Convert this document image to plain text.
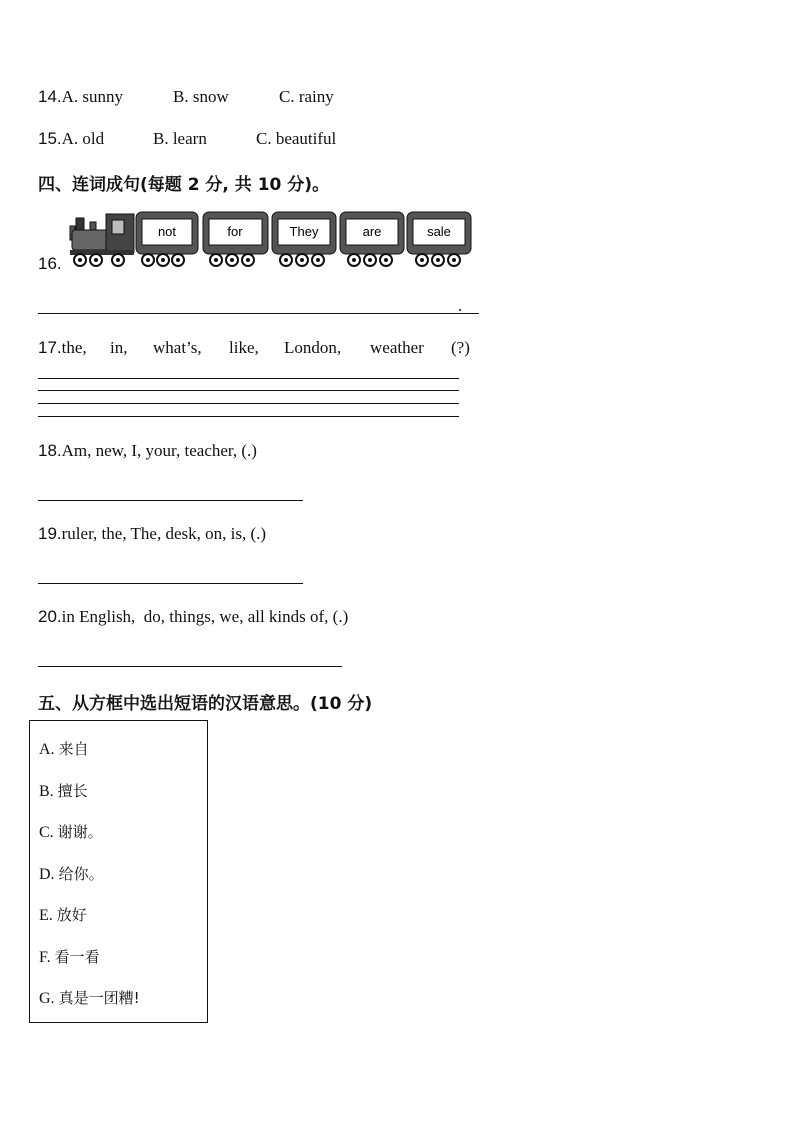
14.A. sunny	B. snow	C. rainy
15.A. old	B. learn	C. beautiful
四、连词成句(每题 2 分, 共 10 分)。
16.
not	for	They	are	sale
.
17.the, in, what’s, like, London, weather (?)
18.Am, new, I, your, teacher, (.)
19.ruler, the, The, desk, on, is, (.)
20.in English,  do, things, we, all kinds of, (.)
五、从方框中选出短语的汉语意思。(10 分)
A. 来自
B. 擅长
C. 谢谢。
D. 给你。
E. 放好
F. 看一看
G. 真是一团糟!
